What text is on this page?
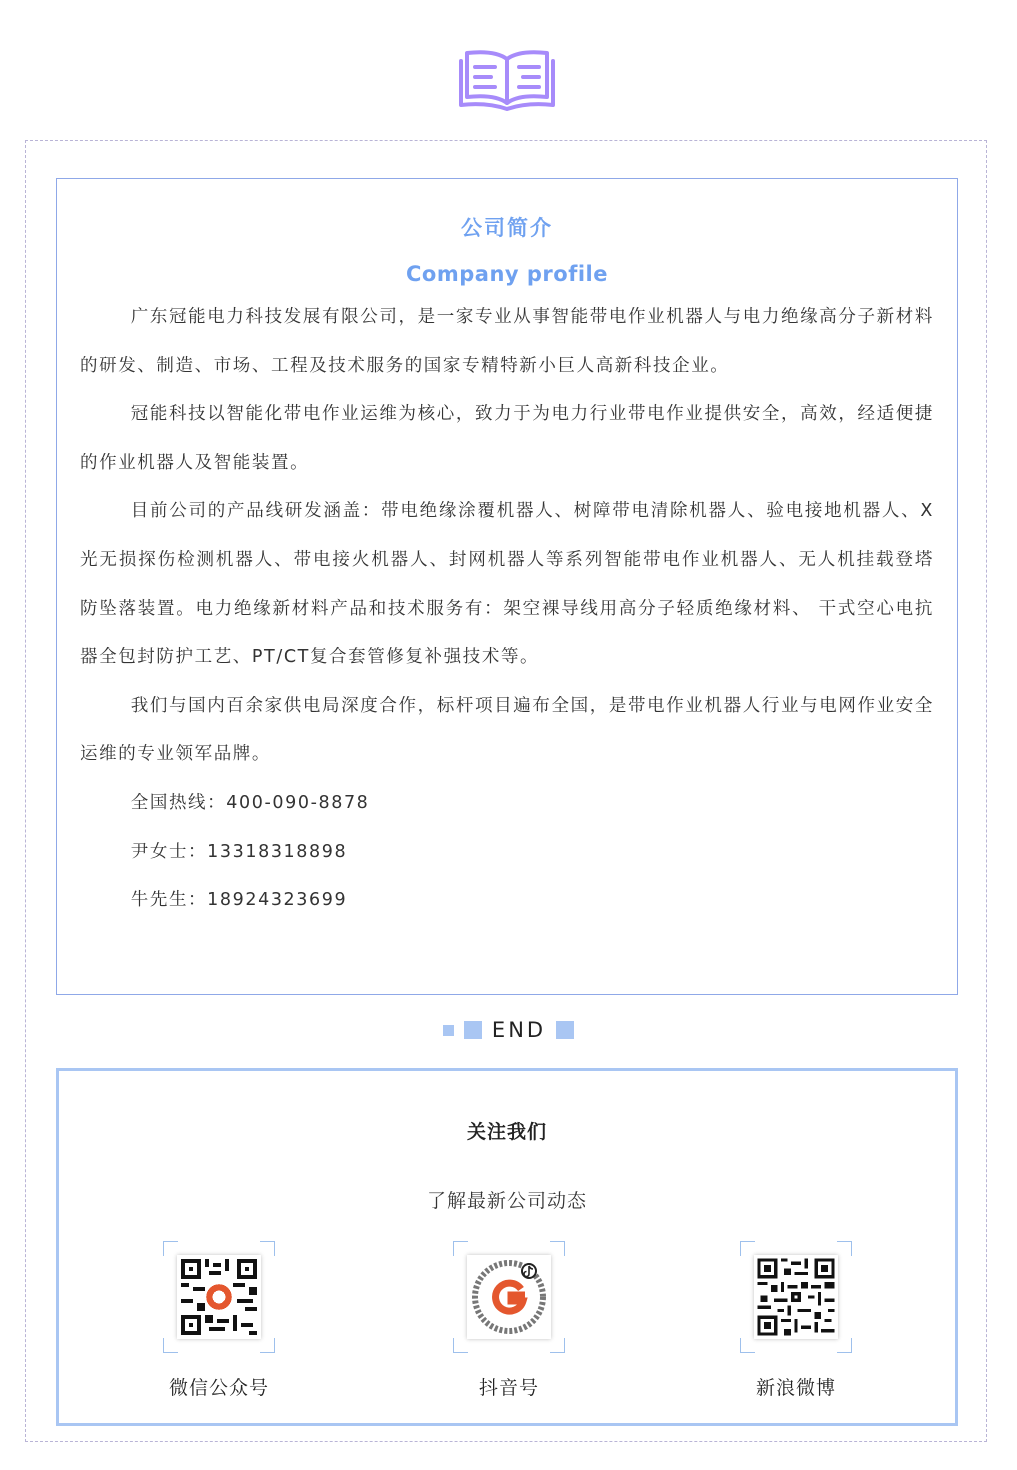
公司简介
Company profile

广东冠能电力科技发展有限公司，是一家专业从事智能带电作业机器人与电力绝缘高分子新材料的研发、制造、市场、工程及技术服务的国家专精特新小巨人高新科技企业。

冠能科技以智能化带电作业运维为核心，致力于为电力行业带电作业提供安全，高效，经适便捷的作业机器人及智能装置。

目前公司的产品线研发涵盖：带电绝缘涂覆机器人、树障带电清除机器人、验电接地机器人、X光无损探伤检测机器人、带电接火机器人、封网机器人等系列智能带电作业机器人、无人机挂载登塔防坠落装置。电力绝缘新材料产品和技术服务有：架空裸导线用高分子轻质绝缘材料、 干式空心电抗器全包封防护工艺、PT/CT复合套管修复补强技术等。

我们与国内百余家供电局深度合作，标杆项目遍布全国，是带电作业机器人行业与电网作业安全运维的专业领军品牌。

全国热线：400-090-8878

尹女士：13318318898

牛先生：18924323699

END
关注我们
了解最新公司动态
微信公众号	抖音号	新浪微博
